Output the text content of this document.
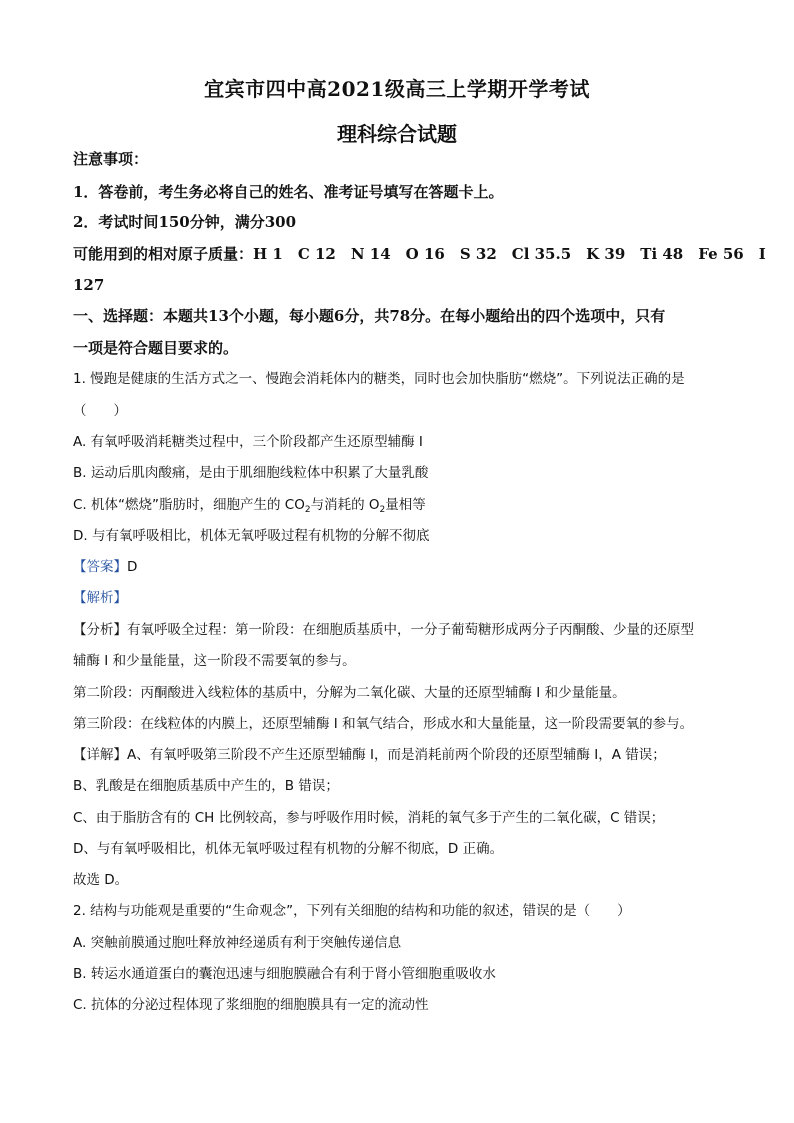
宜宾市四中高2021级高三上学期开学考试
理科综合试题
注意事项：
1．答卷前，考生务必将自己的姓名、准考证号填写在答题卡上。
2．考试时间150分钟，满分300
可能用到的相对原子质量：H 1　C 12　N 14　O 16　S 32　Cl 35.5　K 39　Ti 48　Fe 56　I
127
一、选择题：本题共13个小题，每小题6分，共78分。在每小题给出的四个选项中，只有
一项是符合题目要求的。
1. 慢跑是健康的生活方式之一、慢跑会消耗体内的糖类，同时也会加快脂肪“燃烧”。下列说法正确的是
（　　）
A. 有氧呼吸消耗糖类过程中，三个阶段都产生还原型辅酶 I
B. 运动后肌肉酸痛，是由于肌细胞线粒体中积累了大量乳酸
C. 机体“燃烧”脂肪时，细胞产生的 $CO_2$与消耗的 $O_2$量相等
D. 与有氧呼吸相比，机体无氧呼吸过程有机物的分解不彻底
【答案】D
【解析】
【分析】有氧呼吸全过程：第一阶段：在细胞质基质中，一分子葡萄糖形成两分子丙酮酸、少量的还原型
辅酶 I 和少量能量，这一阶段不需要氧的参与。
第二阶段：丙酮酸进入线粒体的基质中，分解为二氧化碳、大量的还原型辅酶 I 和少量能量。
第三阶段：在线粒体的内膜上，还原型辅酶 I 和氧气结合，形成水和大量能量，这一阶段需要氧的参与。
【详解】A、有氧呼吸第三阶段不产生还原型辅酶 I，而是消耗前两个阶段的还原型辅酶 I，A 错误；
B、乳酸是在细胞质基质中产生的，B 错误；
C、由于脂肪含有的 CH 比例较高，参与呼吸作用时候，消耗的氧气多于产生的二氧化碳，C 错误；
D、与有氧呼吸相比，机体无氧呼吸过程有机物的分解不彻底，D 正确。
故选 D。
2. 结构与功能观是重要的“生命观念”，下列有关细胞的结构和功能的叙述，错误的是（　　）
A. 突触前膜通过胞吐释放神经递质有利于突触传递信息
B. 转运水通道蛋白的囊泡迅速与细胞膜融合有利于肾小管细胞重吸收水
C. 抗体的分泌过程体现了浆细胞的细胞膜具有一定的流动性
